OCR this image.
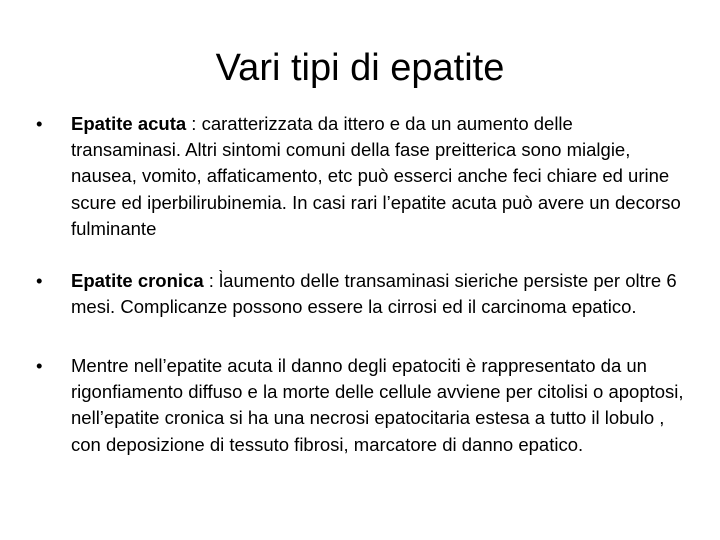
Vari tipi di epatite
•	Epatite acuta : caratterizzata da ittero e da un aumento delle transaminasi. Altri sintomi comuni della fase preitterica sono mialgie, nausea, vomito, affaticamento, etc può esserci anche feci chiare ed urine scure ed iperbilirubinemia. In casi rari l’epatite acuta può avere un decorso fulminante
•	Epatite cronica : l̀aumento delle transaminasi sieriche persiste per oltre 6 mesi. Complicanze possono essere la cirrosi ed il carcinoma epatico.
•	Mentre nell’epatite acuta il danno degli epatociti è rappresentato da un rigonfiamento diffuso e la morte delle cellule avviene per citolisi o apoptosi, nell’epatite cronica si ha una necrosi epatocitaria estesa a tutto il lobulo , con deposizione di tessuto fibrosi, marcatore di danno epatico.
